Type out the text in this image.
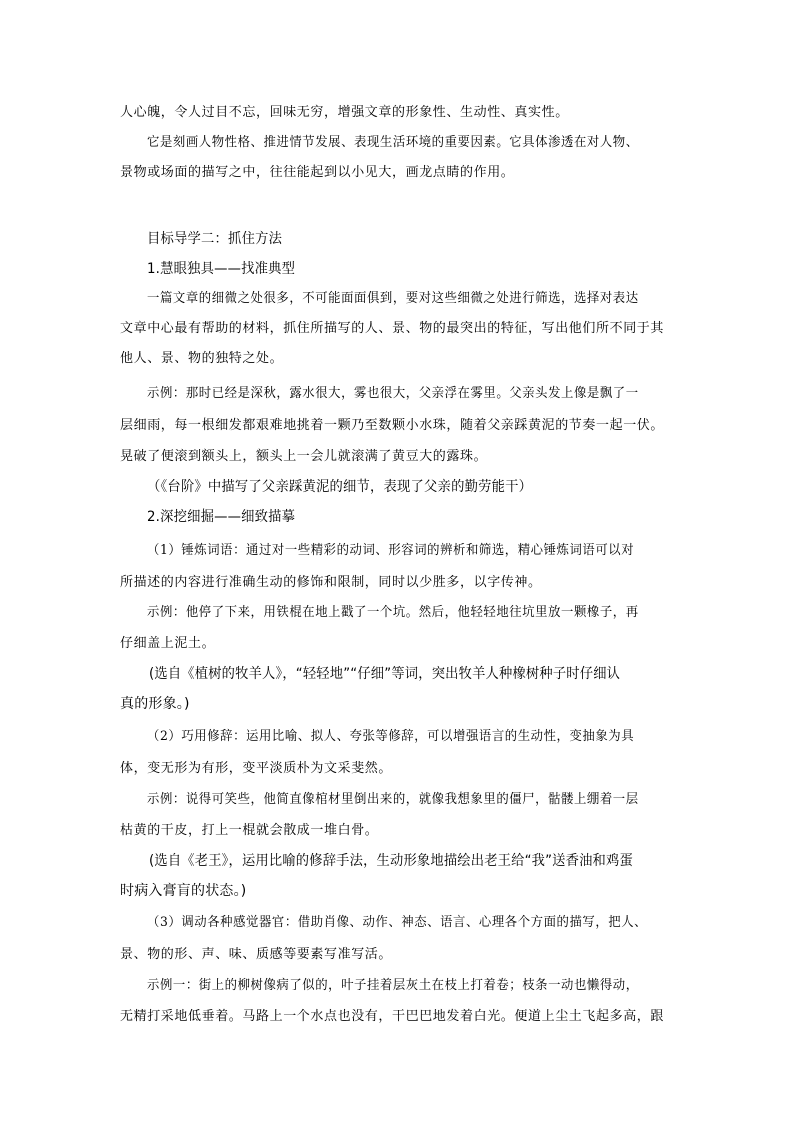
人心魄，令人过目不忘，回味无穷，增强文章的形象性、生动性、真实性。
它是刻画人物性格、推进情节发展、表现生活环境的重要因素。它具体渗透在对人物、
景物或场面的描写之中，往往能起到以小见大，画龙点睛的作用。
目标导学二：抓住方法
1.慧眼独具——找准典型
一篇文章的细微之处很多，不可能面面俱到，要对这些细微之处进行筛选，选择对表达
文章中心最有帮助的材料，抓住所描写的人、景、物的最突出的特征，写出他们所不同于其
他人、景、物的独特之处。
示例：那时已经是深秋，露水很大，雾也很大，父亲浮在雾里。父亲头发上像是飘了一
层细雨，每一根细发都艰难地挑着一颗乃至数颗小水珠，随着父亲踩黄泥的节奏一起一伏。
晃破了便滚到额头上，额头上一会儿就滚满了黄豆大的露珠。
（《台阶》中描写了父亲踩黄泥的细节，表现了父亲的勤劳能干）
2.深挖细掘——细致描摹
（1）锤炼词语：通过对一些精彩的动词、形容词的辨析和筛选，精心锤炼词语可以对
所描述的内容进行准确生动的修饰和限制，同时以少胜多，以字传神。
示例：他停了下来，用铁棍在地上戳了一个坑。然后，他轻轻地往坑里放一颗橡子，再
仔细盖上泥土。
(选自《植树的牧羊人》，“轻轻地”“仔细”等词，突出牧羊人种橡树种子时仔细认
真的形象。)
（2）巧用修辞：运用比喻、拟人、夸张等修辞，可以增强语言的生动性，变抽象为具
体，变无形为有形，变平淡质朴为文采斐然。
示例：说得可笑些，他简直像棺材里倒出来的，就像我想象里的僵尸，骷髅上绷着一层
枯黄的干皮，打上一棍就会散成一堆白骨。
(选自《老王》，运用比喻的修辞手法，生动形象地描绘出老王给“我”送香油和鸡蛋
时病入膏肓的状态。)
（3）调动各种感觉器官：借助肖像、动作、神态、语言、心理各个方面的描写，把人、
景、物的形、声、味、质感等要素写准写活。
示例一：街上的柳树像病了似的，叶子挂着层灰土在枝上打着卷；枝条一动也懒得动，
无精打采地低垂着。马路上一个水点也没有，干巴巴地发着白光。便道上尘土飞起多高，跟
